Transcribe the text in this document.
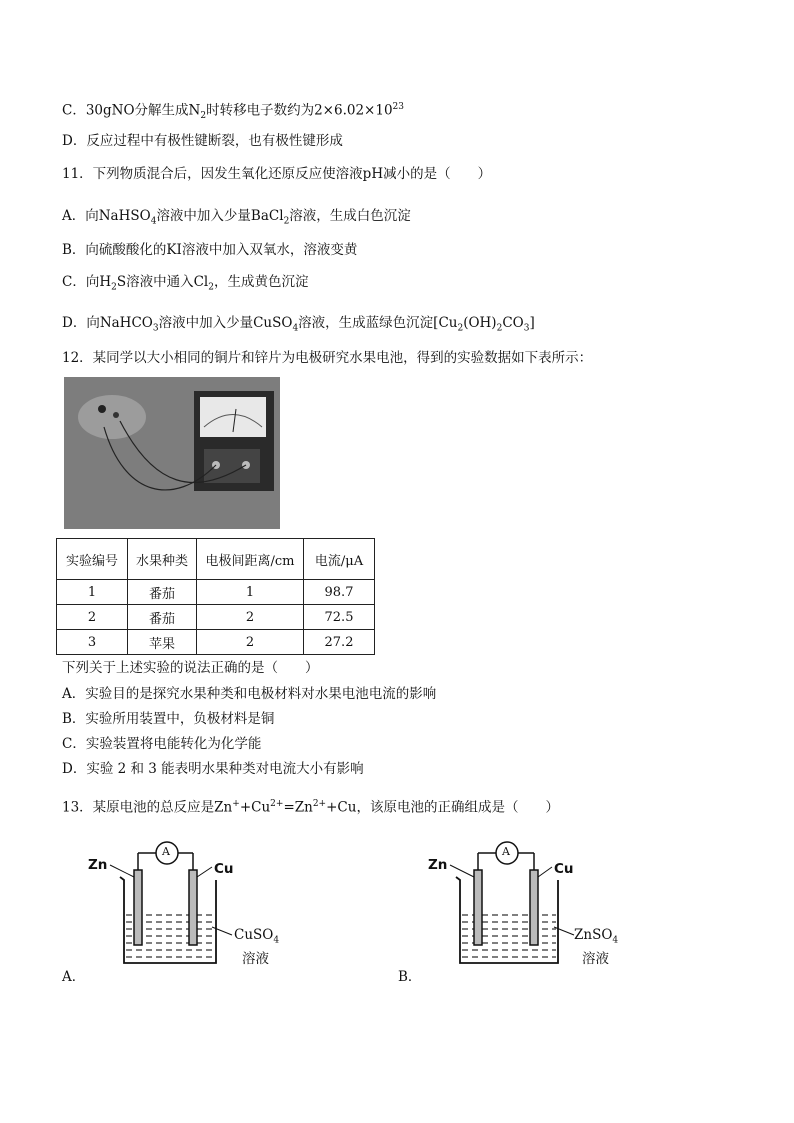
C．30gNO分解生成$N_2$时转移电子数约为$2\times 6.02\times 10^{23}$
D．反应过程中有极性键断裂，也有极性键形成
11．下列物质混合后，因发生氧化还原反应使溶液pH减小的是（　　）
A．向NaHSO$_4$溶液中加入少量BaCl$_2$溶液，生成白色沉淀
B．向硫酸酸化的KI溶液中加入双氧水，溶液变黄
C．向$H_2S$溶液中通入$Cl_2$，生成黄色沉淀
D．向NaHCO$_3$溶液中加入少量CuSO$_4$溶液，生成蓝绿色沉淀$[Cu_2(OH)_2CO_3]$
12．某同学以大小相同的铜片和锌片为电极研究水果电池，得到的实验数据如下表所示：
实验编号	水果种类	电极间距离/cm	电流/μA
1	番茄	1	98.7
2	番茄	2	72.5
3	苹果	2	27.2
下列关于上述实验的说法正确的是（　　）
A．实验目的是探究水果种类和电极材料对水果电池电流的影响
B．实验所用装置中，负极材料是铜
C．实验装置将电能转化为化学能
D．实验 2 和 3 能表明水果种类对电流大小有影响
13．某原电池的总反应是$Zn^++Cu^{2+}=Zn^{2+}+Cu$，该原电池的正确组成是（　　）
A
Zn	Cu
CuSO$_4$
溶液
A．
A
Zn	Cu
ZnSO$_4$
溶液
B．
